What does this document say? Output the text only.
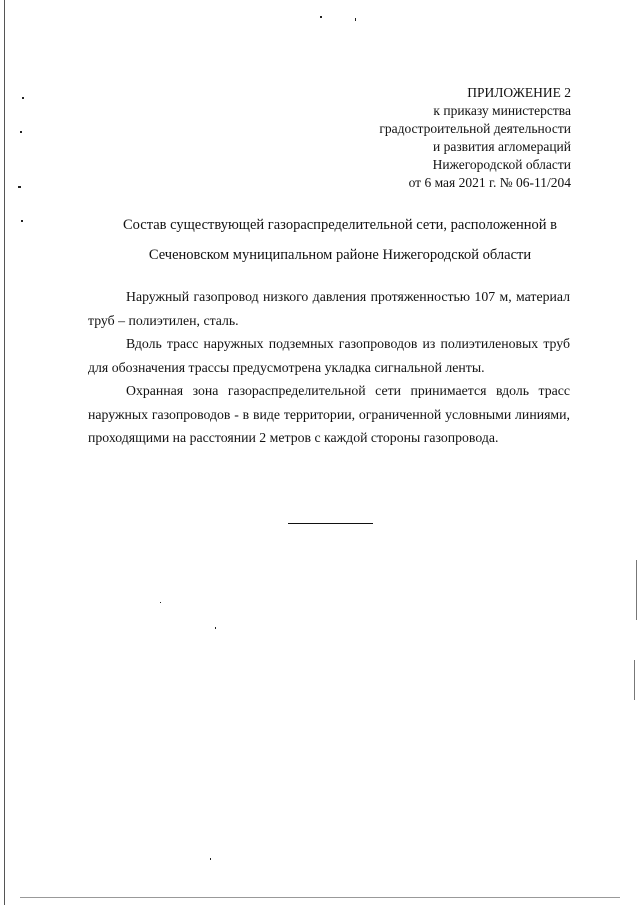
ПРИЛОЖЕНИЕ 2
к приказу министерства
градостроительной деятельности
и развития агломераций
Нижегородской области
от 6 мая 2021 г. № 06-11/204
Состав существующей газораспределительной сети, расположенной в
Сеченовском муниципальном районе Нижегородской области

Наружный газопровод низкого давления протяженностью 107 м, материал труб – полиэтилен, сталь.

Вдоль трасс наружных подземных газопроводов из полиэтиленовых труб для обозначения трассы предусмотрена укладка сигнальной ленты.

Охранная зона газораспределительной сети принимается вдоль трасс наружных газопроводов - в виде территории, ограниченной условными линиями, проходящими на расстоянии 2 метров с каждой стороны газопровода.
